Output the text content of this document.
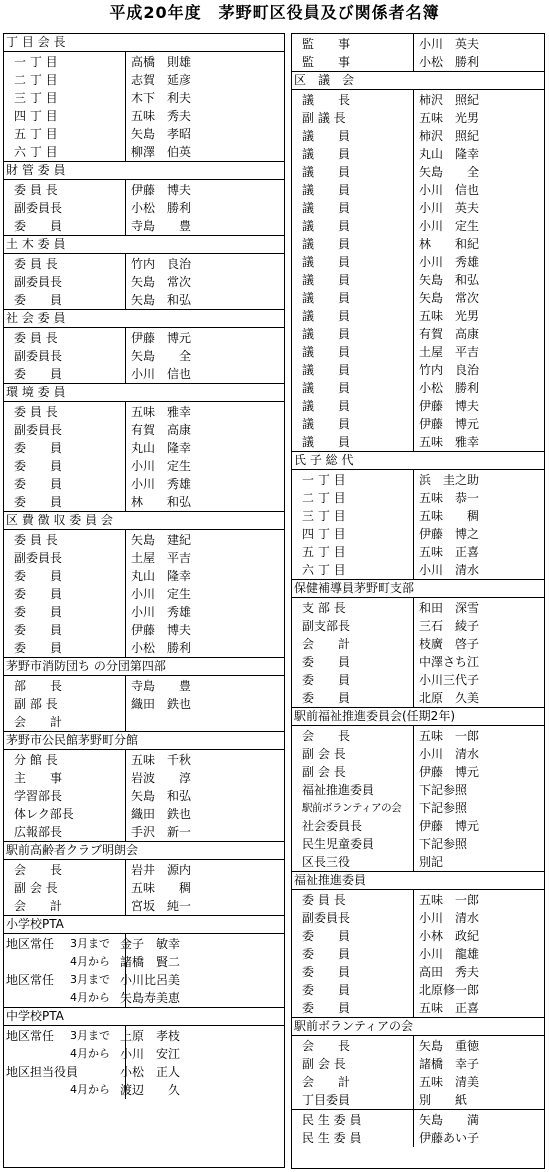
平成20年度　茅野町区役員及び関係者名簿
丁 目 会 長
一 丁 目	高橋　則雄
二 丁 目	志賀　延彦
三 丁 目	木下　利夫
四 丁 目	五味　秀夫
五 丁 目	矢島　孝昭
六 丁 目	柳澤　伯英
財 管 委 員
委 員 長	伊藤　博夫
副委員長	小松　勝利
委　　員	寺島　　豊
土 木 委 員
委 員 長	竹内　良治
副委員長	矢島　常次
委　　員	矢島　和弘
社 会 委 員
委 員 長	伊藤　博元
副委員長	矢島　　全
委　　員	小川　信也
環 境 委 員
委 員 長	五味　雅幸
副委員長	有賀　高康
委　　員	丸山　隆幸
委　　員	小川　定生
委　　員	小川　秀雄
委　　員	林　　和弘
区 費 徴 収 委 員 会
委 員 長	矢島　建紀
副委員長	土屋　平吉
委　　員	丸山　隆幸
委　　員	小川　定生
委　　員	小川　秀雄
委　　員	伊藤　博夫
委　　員	小松　勝利
茅野市消防団ち の分団第四部
部　　長	寺島　　豊
副 部 長	織田　鉄也
会　　計
茅野市公民館茅野町分館
分 館 長	五味　千秋
主　　事	岩波　　淳
学習部長	矢島　和弘
体レク部長	織田　鉄也
広報部長	手沢　新一
駅前高齢者クラブ明朗会
会　　長	岩井　源内
副 会 長	五味　　稠
会　　計	宮坂　純一
小学校PTA
地区常任 3月まで 金子　敏幸
4月から 諸橋　賢二
地区常任 3月まで 小川比呂美
4月から 矢島寿美恵
中学校PTA
地区常任 3月まで 上原　孝枝
4月から 小川　安江
地区担当役員	小松　正人
4月から 渡辺　　久
監　　事	小川　英夫
監　　事	小松　勝利
区　議　会
議　　長	柿沢　照紀
副 議 長	五味　光男
議　　員	柿沢　照紀
議　　員	丸山　隆幸
議　　員	矢島　　全
議　　員	小川　信也
議　　員	小川　英夫
議　　員	小川　定生
議　　員	林　　和紀
議　　員	小川　秀雄
議　　員	矢島　和弘
議　　員	矢島　常次
議　　員	五味　光男
議　　員	有賀　高康
議　　員	土屋　平吉
議　　員	竹内　良治
議　　員	小松　勝利
議　　員	伊藤　博夫
議　　員	伊藤　博元
議　　員	五味　雅幸
氏 子 総 代
一 丁 目	浜　圭之助
二 丁 目	五味　恭一
三 丁 目	五味　　稠
四 丁 目	伊藤　博之
五 丁 目	五味　正喜
六 丁 目	小川　清水
保健補導員茅野町支部
支 部 長	和田　深雪
副支部長	三石　綾子
会　　計	枝廣　啓子
委　　員	中澤さち江
委　　員	小川三代子
委　　員	北原　久美
駅前福祉推進委員会(任期2年)
会　　長	五味　一郎
副 会 長	小川　清水
副 会 長	伊藤　博元
福祉推進委員	下記参照
駅前ボランティアの会	下記参照
社会委員長	伊藤　博元
民生児童委員	下記参照
区長三役	別記
福祉推進委員
委 員 長	五味　一郎
副委員長	小川　清水
委　　員	小林　政紀
委　　員	小川　龍雄
委　　員	高田　秀夫
委　　員	北原修一郎
委　　員	五味　正喜
駅前ボランティアの会
会　　長	矢島　重徳
副 会 長	諸橋　幸子
会　　計	五味　清美
丁目委員	別　　紙
民 生 委 員	矢島　　満
民 生 委 員	伊藤あい子
